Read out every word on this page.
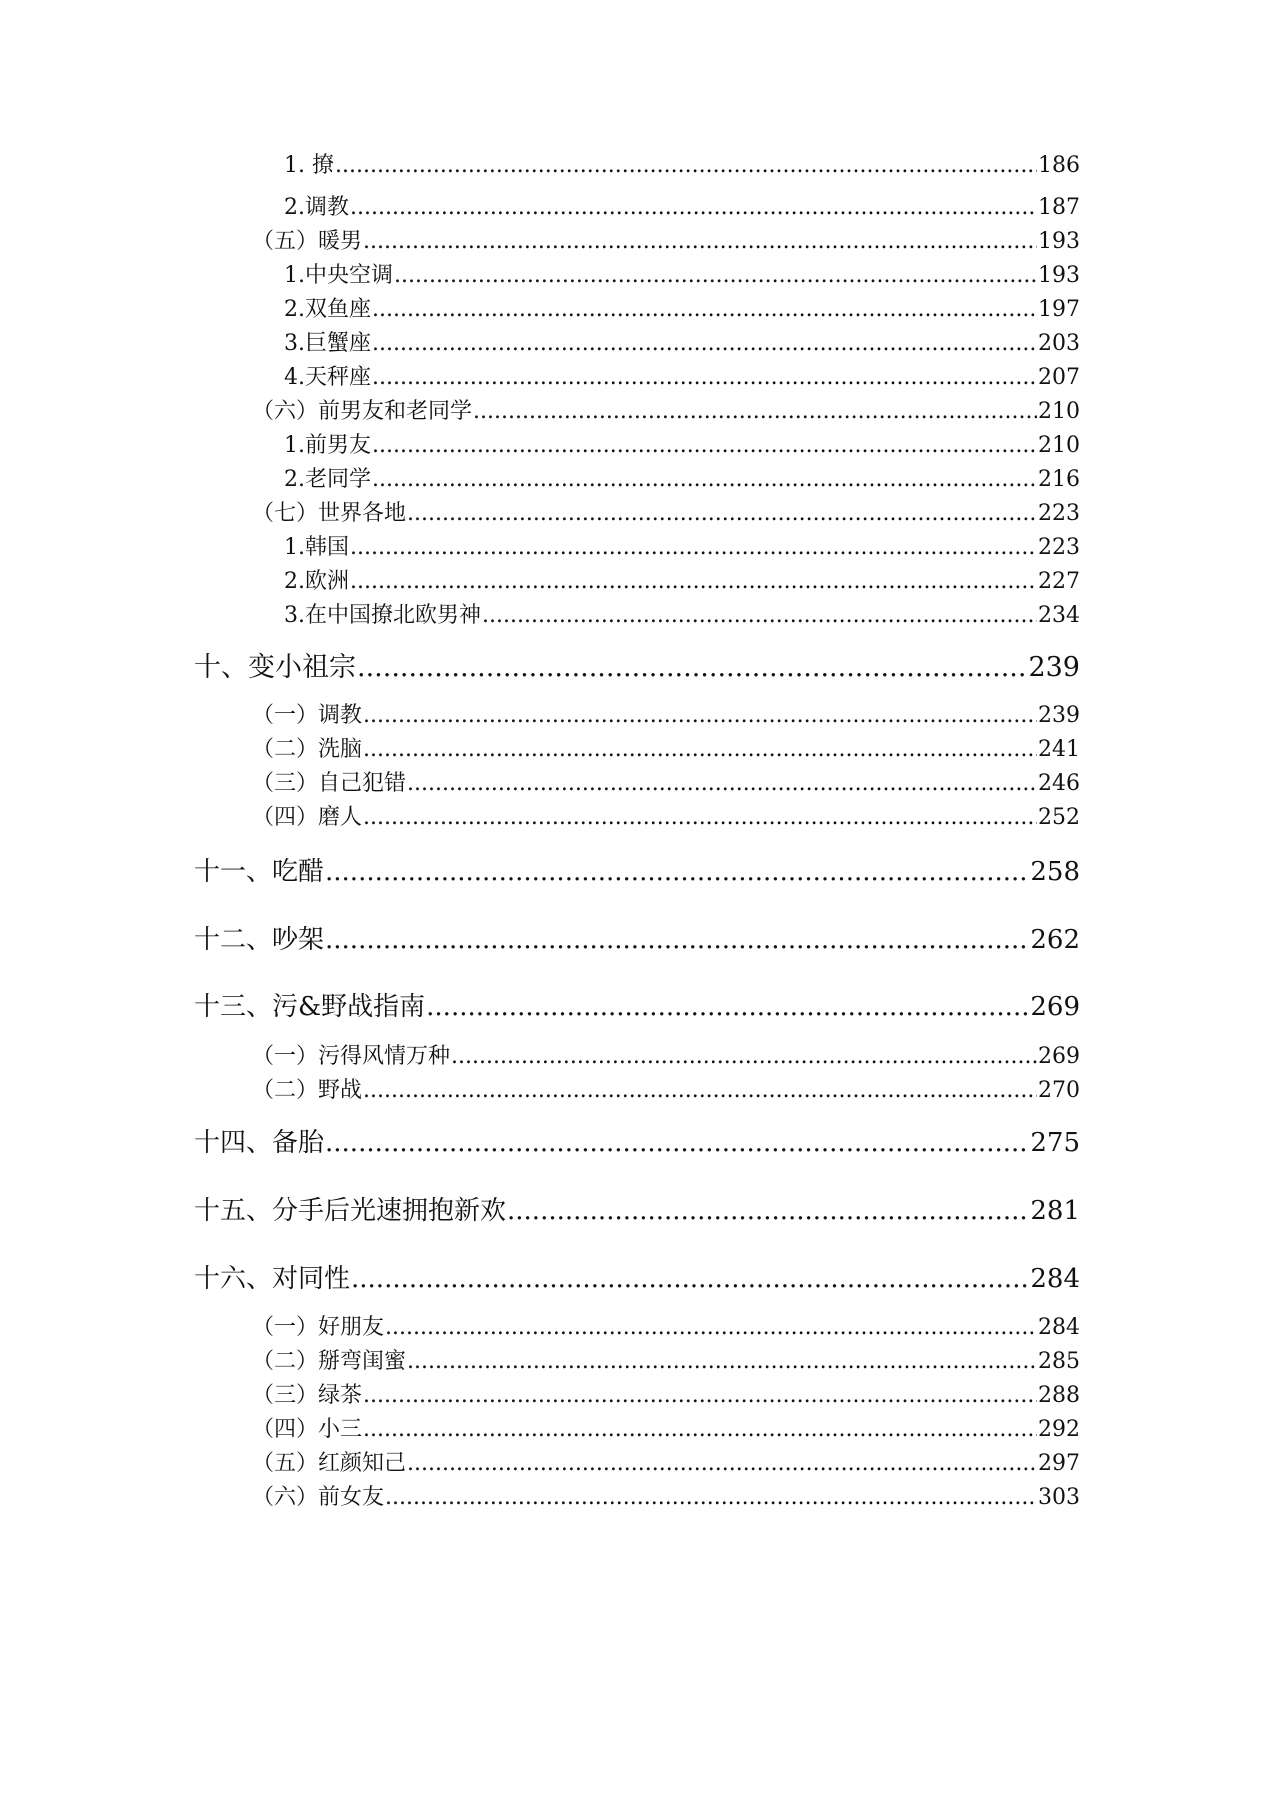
1. 撩 .....	186
2.调教 .....	187
（五）暖男 .....	193
1.中央空调 .....	193
2.双鱼座 .....	197
3.巨蟹座 .....	203
4.天秤座 .....	207
（六）前男友和老同学 .....	210
1.前男友 .....	210
2.老同学 .....	216
（七）世界各地 .....	223
1.韩国 .....	223
2.欧洲 .....	227
3.在中国撩北欧男神 .....	234
十、变小祖宗 .....	239
（一）调教 .....	239
（二）洗脑 .....	241
（三）自己犯错 .....	246
（四）磨人 .....	252
十一、吃醋 .....	258
十二、吵架 .....	262
十三、污&野战指南 .....	269
（一）污得风情万种 .....	269
（二）野战 .....	270
十四、备胎 .....	275
十五、分手后光速拥抱新欢 .....	281
十六、对同性 .....	284
（一）好朋友 .....	284
（二）掰弯闺蜜 .....	285
（三）绿茶 .....	288
（四）小三 .....	292
（五）红颜知己 .....	297
（六）前女友 .....	303
